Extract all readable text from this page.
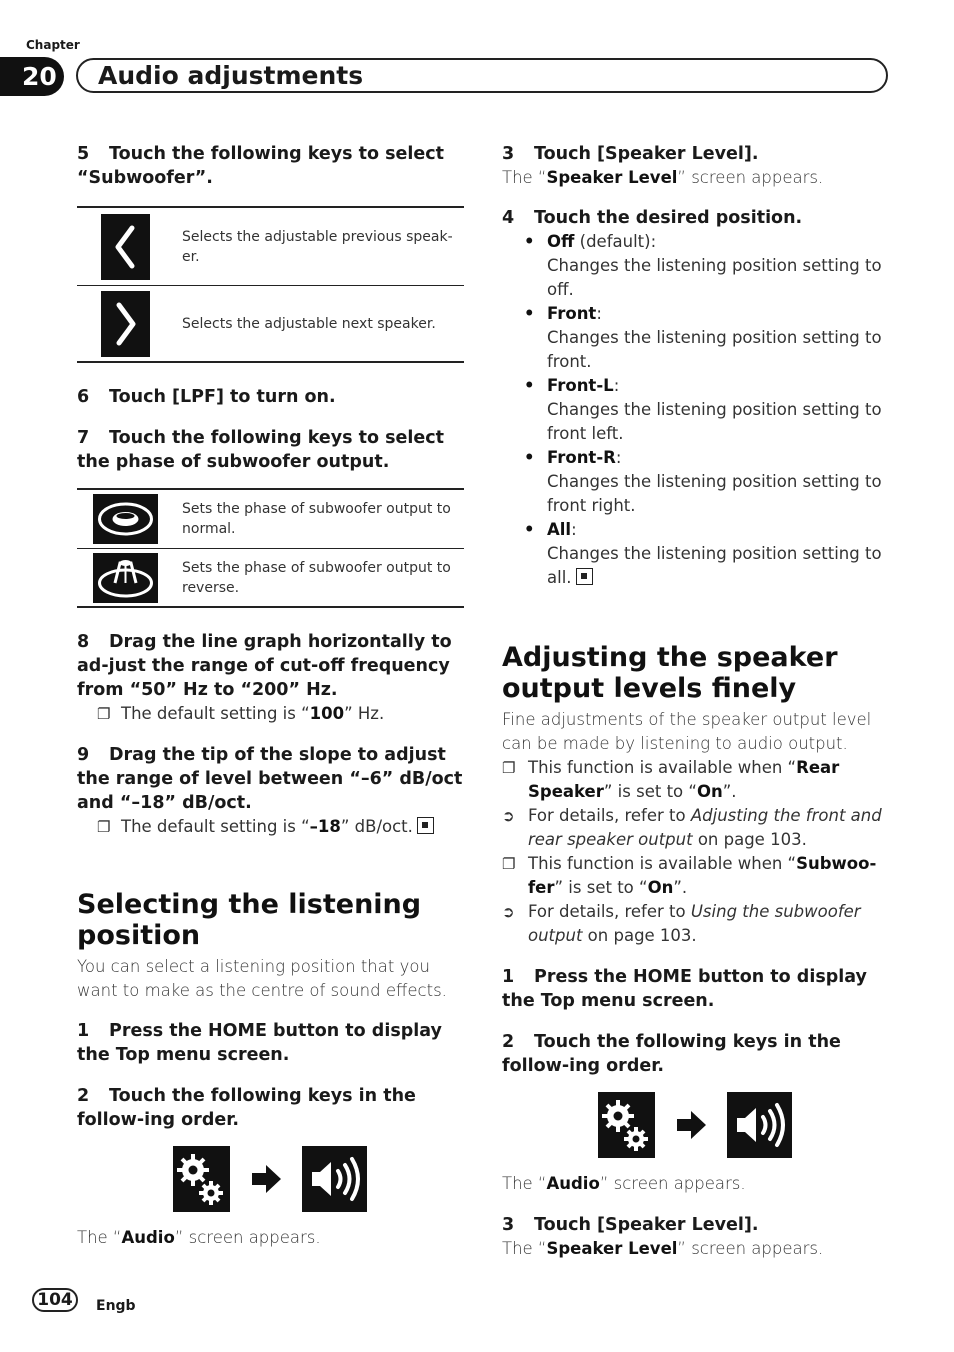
Chapter
20	Audio adjustments
5 Touch the following keys to select “Subwoofer”.
Selects the adjustable previous speak-er.
Selects the adjustable next speaker.
6 Touch [LPF] to turn on.
7 Touch the following keys to select the phase of subwoofer output.
Sets the phase of subwoofer output to normal.
Sets the phase of subwoofer output to reverse.
8 Drag the line graph horizontally to ad-just the range of cut-off frequency from “50” Hz to “200” Hz.
❐ The default setting is “100” Hz.
9 Drag the tip of the slope to adjust the range of level between “–6” dB/oct and “–18” dB/oct.
❐ The default setting is “–18” dB/oct.
Selecting the listening position
You can select a listening position that you want to make as the centre of sound effects.
1 Press the HOME button to display the Top menu screen.
2 Touch the following keys in the follow-ing order.
The “Audio” screen appears.
3 Touch [Speaker Level].
The “Speaker Level” screen appears.
4 Touch the desired position.
• Off (default):
Changes the listening position setting to off.
• Front:
Changes the listening position setting to front.
• Front-L:
Changes the listening position setting to front left.
• Front-R:
Changes the listening position setting to front right.
• All:
Changes the listening position setting to all.
Adjusting the speaker output levels finely
Fine adjustments of the speaker output level can be made by listening to audio output.
❐ This function is available when “Rear Speaker” is set to “On”.
➲ For details, refer to Adjusting the front and rear speaker output on page 103.
❐ This function is available when “Subwoo-fer” is set to “On”.
➲ For details, refer to Using the subwoofer output on page 103.
1 Press the HOME button to display the Top menu screen.
2 Touch the following keys in the follow-ing order.
The “Audio” screen appears.
3 Touch [Speaker Level].
The “Speaker Level” screen appears.
104	Engb
